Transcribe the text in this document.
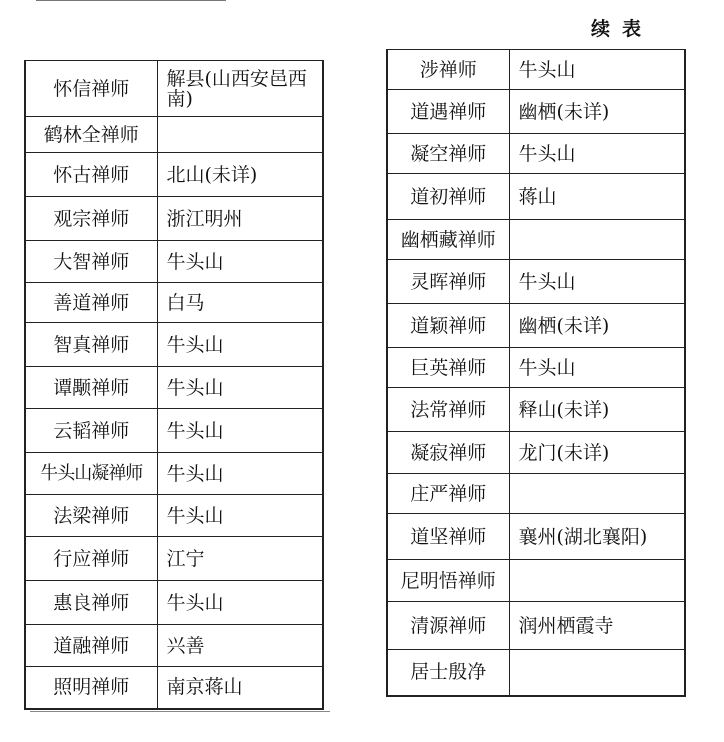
续表
怀信禅师	解县(山西安邑西南)
鹤林全禅师	
怀古禅师	北山(未详)
观宗禅师	浙江明州
大智禅师	牛头山
善道禅师	白马
智真禅师	牛头山
谭颙禅师	牛头山
云韬禅师	牛头山
牛头山凝禅师	牛头山
法梁禅师	牛头山
行应禅师	江宁
惠良禅师	牛头山
道融禅师	兴善
照明禅师	南京蒋山
涉禅师	牛头山
道遇禅师	幽栖(未详)
凝空禅师	牛头山
道初禅师	蒋山
幽栖藏禅师	
灵晖禅师	牛头山
道颖禅师	幽栖(未详)
巨英禅师	牛头山
法常禅师	释山(未详)
凝寂禅师	龙门(未详)
庄严禅师	
道坚禅师	襄州(湖北襄阳)
尼明悟禅师	
清源禅师	润州栖霞寺
居士殷净	
